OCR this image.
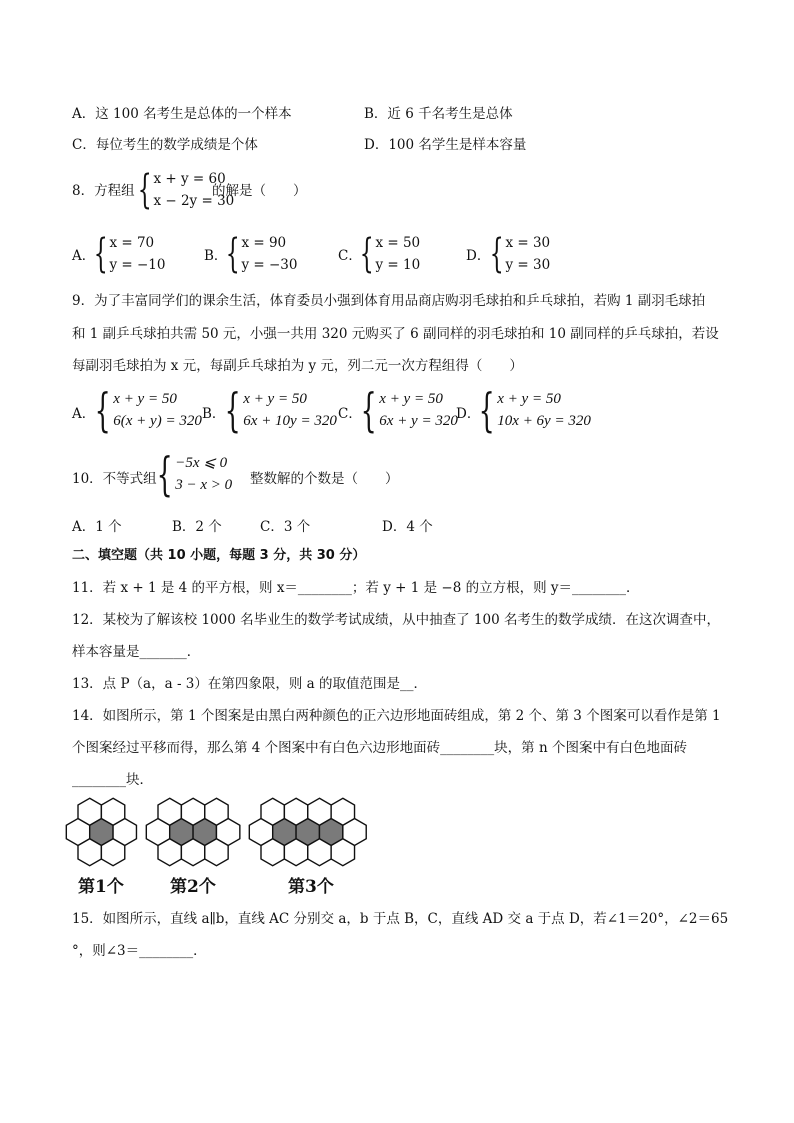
A．这 100 名考生是总体的一个样本	B．近 6 千名考生是总体
C．每位考生的数学成绩是个体	D．100 名学生是样本容量
8．方程组 { x + y = 60
x − 2y = 30
的解是（　　）
A．
{ x = 70
y = −10
B．
{ x = 90
y = −30
C．
{ x = 50
y = 10
D． { x = 30
y = 30
9．为了丰富同学们的课余生活，体育委员小强到体育用品商店购羽毛球拍和乒乓球拍，若购 1 副羽毛球拍
和 1 副乒乓球拍共需 50 元，小强一共用 320 元购买了 6 副同样的羽毛球拍和 10 副同样的乒乓球拍，若设
每副羽毛球拍为 x 元，每副乒乓球拍为 y 元，列二元一次方程组得（　　）
A． { x + y = 50
6(x + y) = 320 B． { x + y = 50
6x + 10y = 320 C．
{ x + y = 50
6x + y = 320
D．
{ x + y = 50
10x + 6y = 320
10．不等式组 { −5x ⩽ 0
3 − x > 0 整数解的个数是（　　）
A．1 个	B．2 个	C．3 个	D．4 个
二、填空题（共 10 小题，每题 3 分，共 30 分）
11．若 x + 1 是 4 的平方根，则 x＝________；若 y + 1 是 −8 的立方根，则 y＝________．
12．某校为了解该校 1000 名毕业生的数学考试成绩，从中抽查了 100 名考生的数学成绩．在这次调查中，
样本容量是_______．
13．点 P（a，a - 3）在第四象限，则 a 的取值范围是__．
14．如图所示，第 1 个图案是由黑白两种颜色的正六边形地面砖组成，第 2 个、第 3 个图案可以看作是第 1
个图案经过平移而得，那么第 4 个图案中有白色六边形地面砖________块，第 n 个图案中有白色地面砖
________块．
第1个	第2个	第3个
15．如图所示，直线 a∥b，直线 AC 分别交 a，b 于点 B，C，直线 AD 交 a 于点 D，若∠1＝20°，∠2＝65
°，则∠3＝________．
